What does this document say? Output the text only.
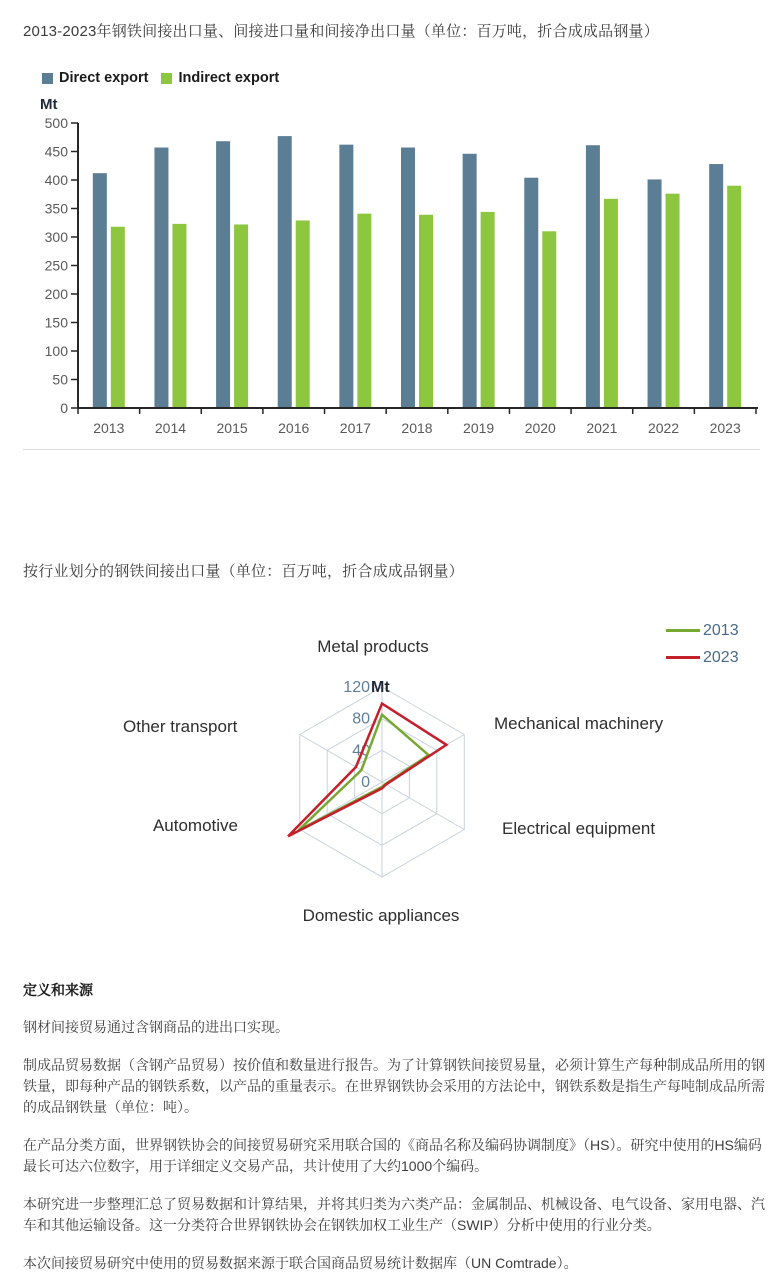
2013-2023年钢铁间接出口量、间接进口量和间接净出口量（单位：百万吨，折合成成品钢量）
Direct export Indirect export
Mt
0
50
100
150
200
250
300
350
400
450
500
2013 2014 2015 2016 2017 2018 2019 2020 2021 2022 2023
按行业划分的钢铁间接出口量（单位：百万吨，折合成成品钢量）
0
40
80
120 Mt
Metal products
Mechanical machinery
Electrical equipment
Domestic appliances
Automotive
Other transport
2013
2023
定义和来源

钢材间接贸易通过含钢商品的进出口实现。

制成品贸易数据（含钢产品贸易）按价值和数量进行报告。为了计算钢铁间接贸易量，必须计算生产每种制成品所用的钢铁量，即每种产品的钢铁系数，以产品的重量表示。在世界钢铁协会采用的方法论中，钢铁系数是指生产每吨制成品所需的成品钢铁量（单位：吨）。

在产品分类方面，世界钢铁协会的间接贸易研究采用联合国的《商品名称及编码协调制度》（HS）。研究中使用的HS编码最长可达六位数字，用于详细定义交易产品，共计使用了大约1000个编码。

本研究进一步整理汇总了贸易数据和计算结果，并将其归类为六类产品：金属制品、机械设备、电气设备、家用电器、汽车和其他运输设备。这一分类符合世界钢铁协会在钢铁加权工业生产（SWIP）分析中使用的行业分类。

本次间接贸易研究中使用的贸易数据来源于联合国商品贸易统计数据库（UN Comtrade）。
